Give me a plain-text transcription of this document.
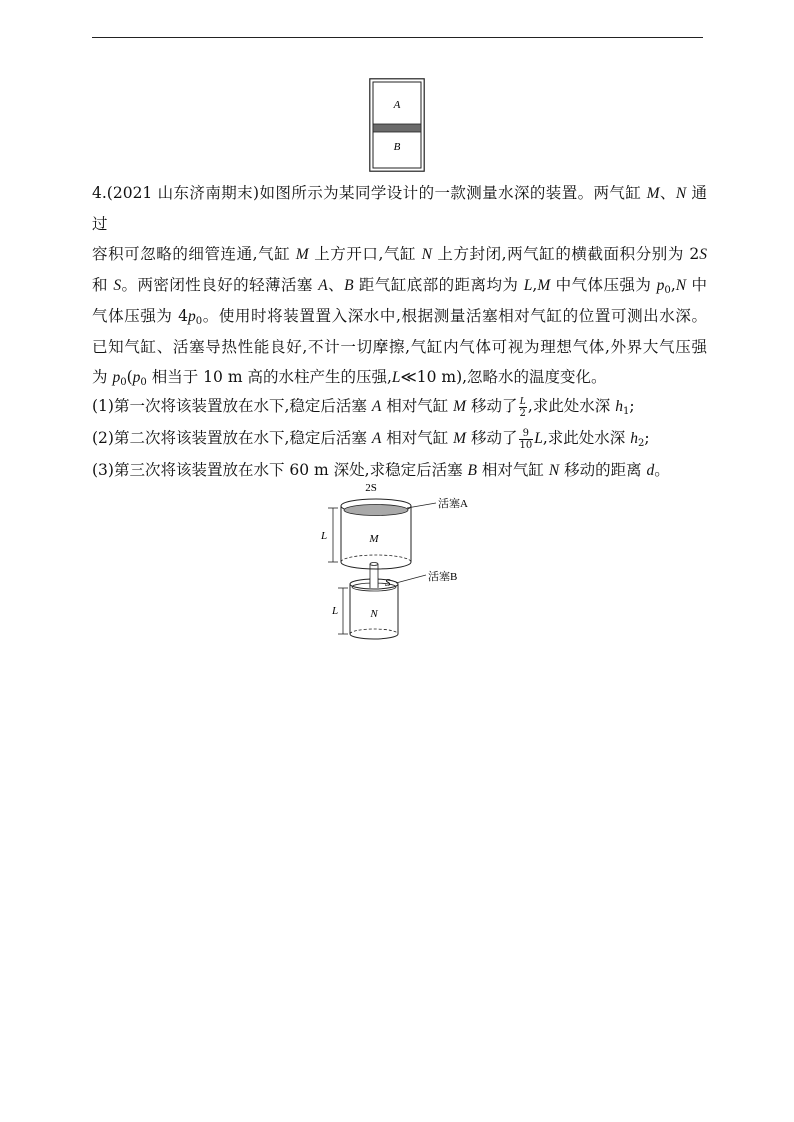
A
B

4.(2021 山东济南期末)如图所示为某同学设计的一款测量水深的装置。两气缸 M、N 通过
容积可忽略的细管连通,气缸 M 上方开口,气缸 N 上方封闭,两气缸的横截面积分别为 2S
和 S。两密闭性良好的轻薄活塞 A、B 距气缸底部的距离均为 L,M 中气体压强为 $p_0,N$ 中
气体压强为 $4p_0$。使用时将装置置入深水中,根据测量活塞相对气缸的位置可测出水深。
已知气缸、活塞导热性能良好,不计一切摩擦,气缸内气体可视为理想气体,外界大气压强
为 $p_0(p_0$ 相当于 10 m 高的水柱产生的压强,L≪10 m),忽略水的温度变化。

(1)第一次将该装置放在水下,稳定后活塞 A 相对气缸 M 移动了 $\frac{L}{2}$ ,求此处水深 $h_1$;
(2)第二次将该装置放在水下,稳定后活塞 A 相对气缸 M 移动了 $\frac{9}{10} L$,求此处水深 $h_2$;
(3)第三次将该装置放在水下 60 m 深处,求稳定后活塞 B 相对气缸 N 移动的距离 d。
2S
M
L
N
S
L
活塞A
活塞B
